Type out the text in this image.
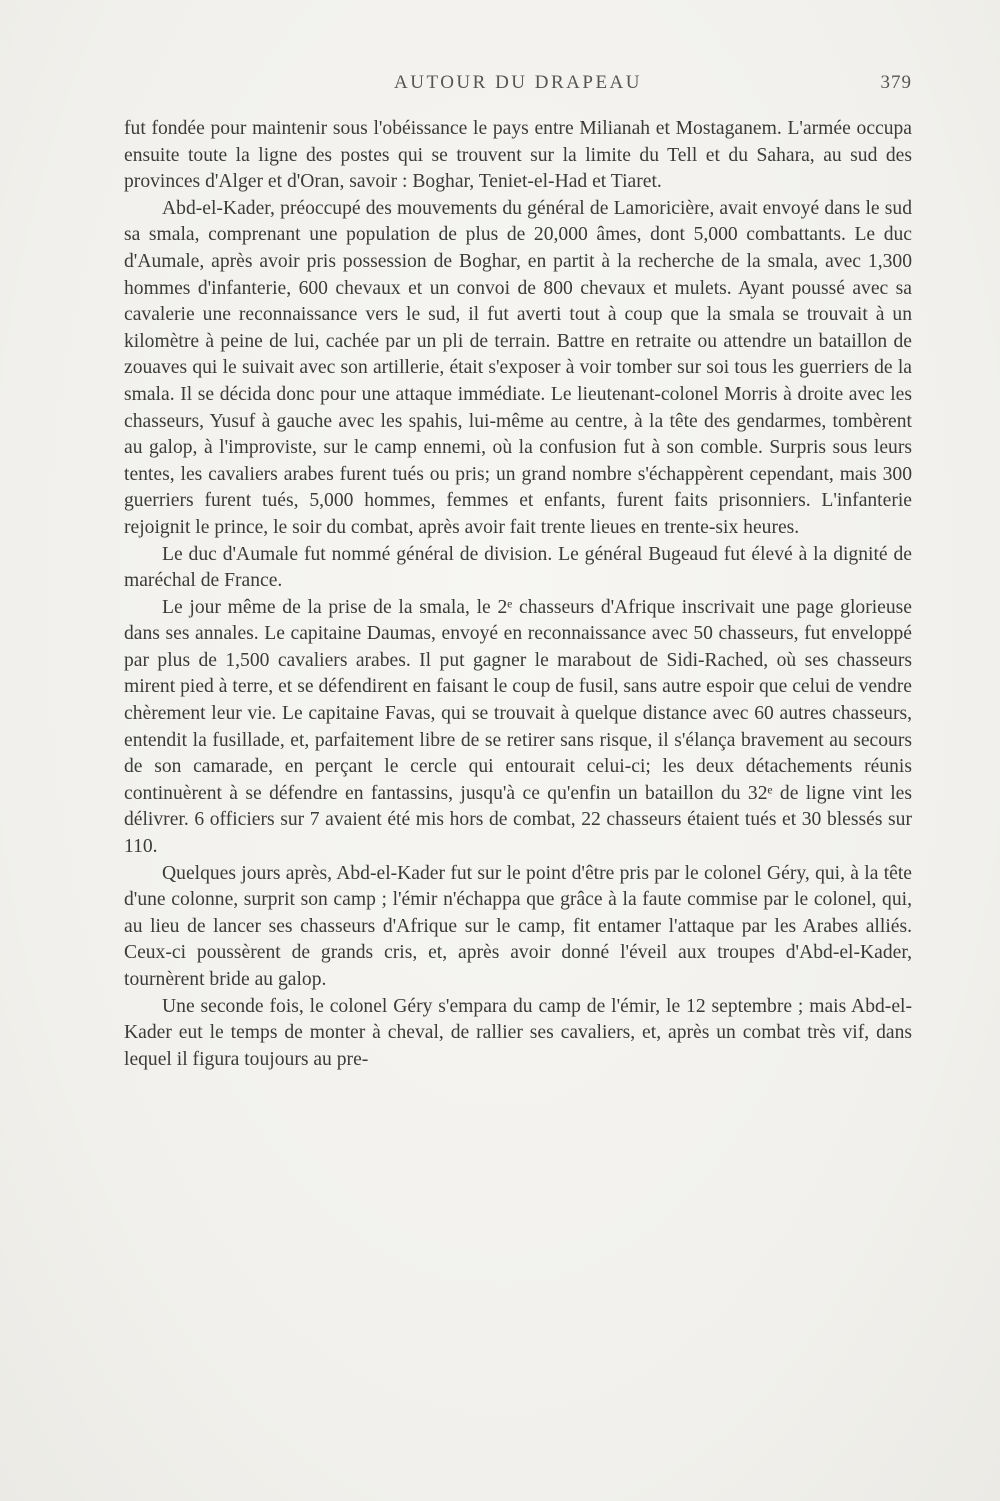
AUTOUR DU DRAPEAU	379

fut fondée pour maintenir sous l'obéissance le pays entre Milianah et Mostaganem. L'armée occupa ensuite toute la ligne des postes qui se trouvent sur la limite du Tell et du Sahara, au sud des provinces d'Alger et d'Oran, savoir : Boghar, Teniet-el-Had et Tiaret.

Abd-el-Kader, préoccupé des mouvements du général de Lamoricière, avait envoyé dans le sud sa smala, comprenant une population de plus de 20,000 âmes, dont 5,000 combattants. Le duc d'Aumale, après avoir pris possession de Boghar, en partit à la recherche de la smala, avec 1,300 hommes d'infanterie, 600 chevaux et un convoi de 800 chevaux et mulets. Ayant poussé avec sa cavalerie une reconnaissance vers le sud, il fut averti tout à coup que la smala se trouvait à un kilomètre à peine de lui, cachée par un pli de terrain. Battre en retraite ou attendre un bataillon de zouaves qui le suivait avec son artillerie, était s'exposer à voir tomber sur soi tous les guerriers de la smala. Il se décida donc pour une attaque immédiate. Le lieutenant-colonel Morris à droite avec les chasseurs, Yusuf à gauche avec les spahis, lui-même au centre, à la tête des gendarmes, tombèrent au galop, à l'improviste, sur le camp ennemi, où la confusion fut à son comble. Surpris sous leurs tentes, les cavaliers arabes furent tués ou pris; un grand nombre s'échappèrent cependant, mais 300 guerriers furent tués, 5,000 hommes, femmes et enfants, furent faits prisonniers. L'infanterie rejoignit le prince, le soir du combat, après avoir fait trente lieues en trente-six heures.

Le duc d'Aumale fut nommé général de division. Le général Bugeaud fut élevé à la dignité de maréchal de France.

Le jour même de la prise de la smala, le 2ᵉ chasseurs d'Afrique inscrivait une page glorieuse dans ses annales. Le capitaine Daumas, envoyé en reconnaissance avec 50 chasseurs, fut enveloppé par plus de 1,500 cavaliers arabes. Il put gagner le marabout de Sidi-Rached, où ses chasseurs mirent pied à terre, et se défendirent en faisant le coup de fusil, sans autre espoir que celui de vendre chèrement leur vie. Le capitaine Favas, qui se trouvait à quelque distance avec 60 autres chasseurs, entendit la fusillade, et, parfaitement libre de se retirer sans risque, il s'élança bravement au secours de son camarade, en perçant le cercle qui entourait celui-ci; les deux détachements réunis continuèrent à se défendre en fantassins, jusqu'à ce qu'enfin un bataillon du 32ᵉ de ligne vint les délivrer. 6 officiers sur 7 avaient été mis hors de combat, 22 chasseurs étaient tués et 30 blessés sur 110.

Quelques jours après, Abd-el-Kader fut sur le point d'être pris par le colonel Géry, qui, à la tête d'une colonne, surprit son camp ; l'émir n'échappa que grâce à la faute commise par le colonel, qui, au lieu de lancer ses chasseurs d'Afrique sur le camp, fit entamer l'attaque par les Arabes alliés. Ceux-ci poussèrent de grands cris, et, après avoir donné l'éveil aux troupes d'Abd-el-Kader, tournèrent bride au galop.

Une seconde fois, le colonel Géry s'empara du camp de l'émir, le 12 septembre ; mais Abd-el-Kader eut le temps de monter à cheval, de rallier ses cavaliers, et, après un combat très vif, dans lequel il figura toujours au pre-
